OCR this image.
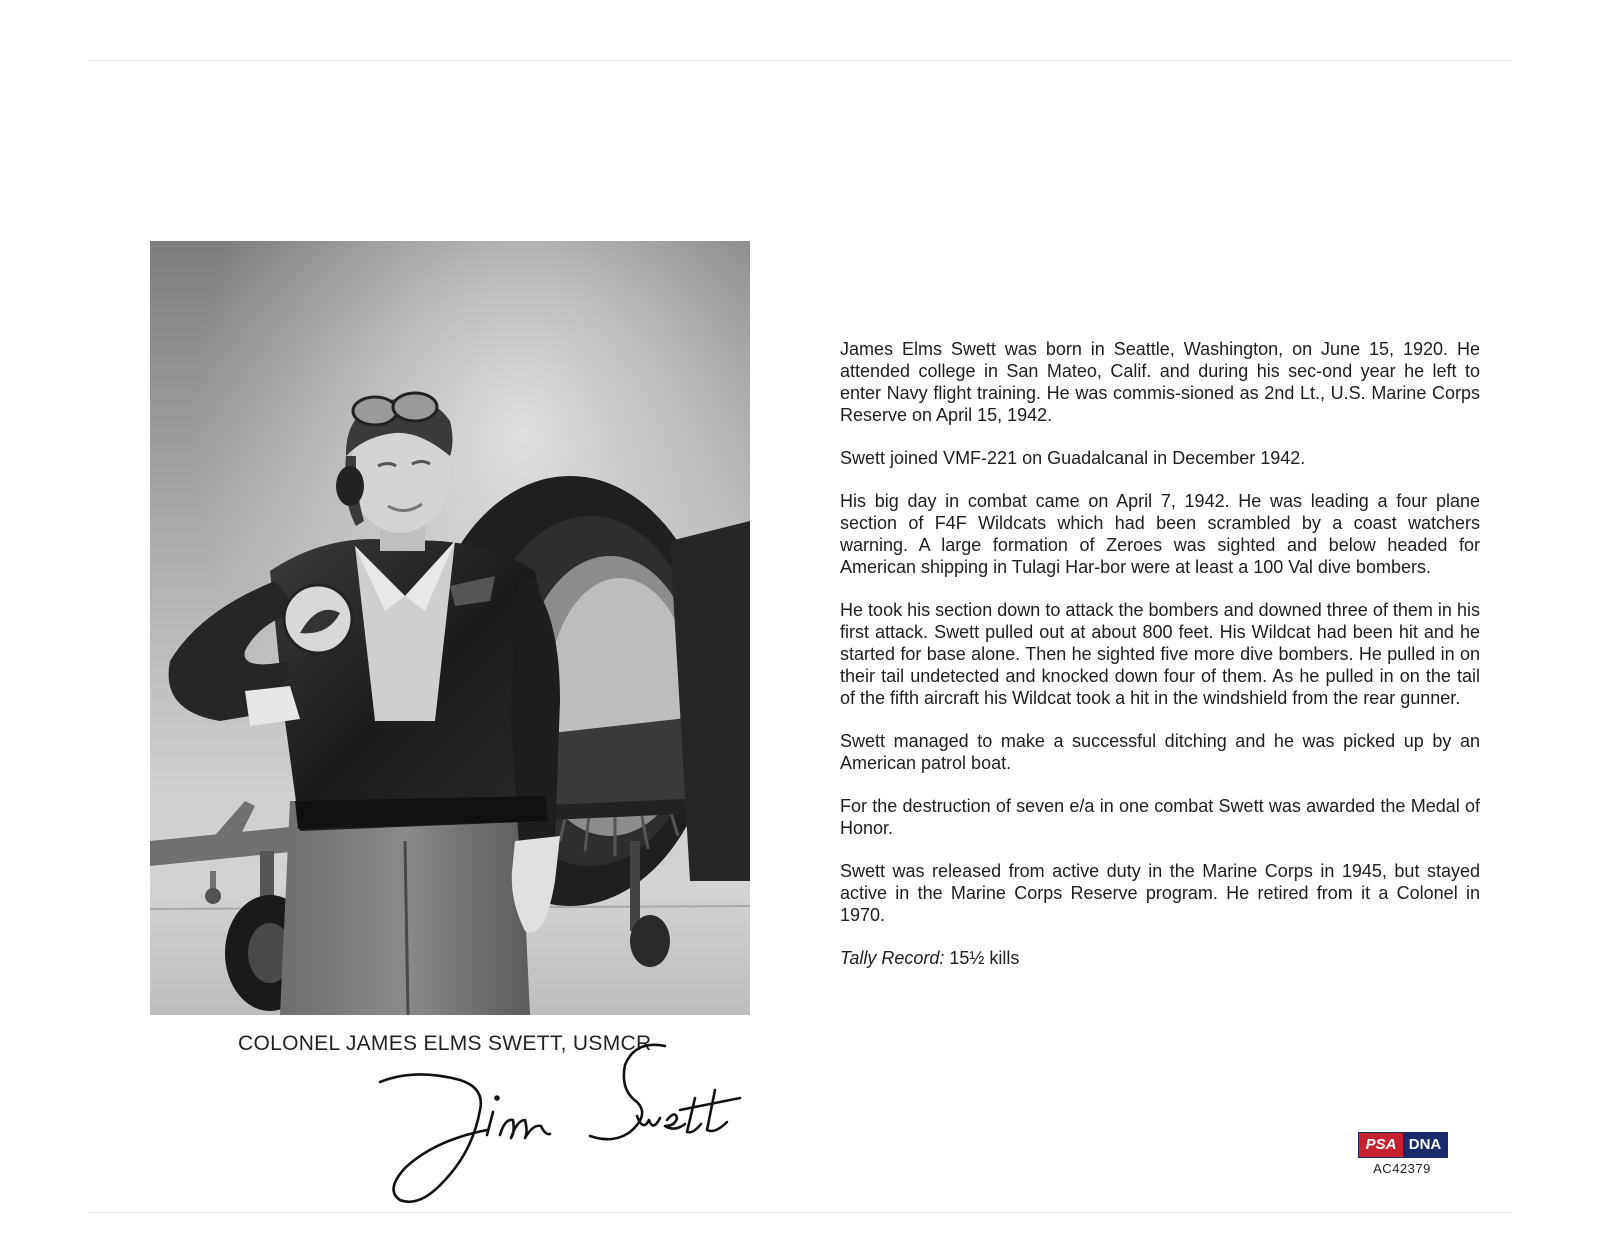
COLONEL JAMES ELMS SWETT, USMCR

James Elms Swett was born in Seattle, Washington, on June 15, 1920. He attended college in San Mateo, Calif. and during his sec-ond year he left to enter Navy flight training. He was commis-sioned as 2nd Lt., U.S. Marine Corps Reserve on April 15, 1942.

Swett joined VMF-221 on Guadalcanal in December 1942.

His big day in combat came on April 7, 1942. He was leading a four plane section of F4F Wildcats which had been scrambled by a coast watchers warning. A large formation of Zeroes was sighted and below headed for American shipping in Tulagi Har-bor were at least a 100 Val dive bombers.

He took his section down to attack the bombers and downed three of them in his first attack. Swett pulled out at about 800 feet. His Wildcat had been hit and he started for base alone. Then he sighted five more dive bombers. He pulled in on their tail undetected and knocked down four of them. As he pulled in on the tail of the fifth aircraft his Wildcat took a hit in the windshield from the rear gunner.

Swett managed to make a successful ditching and he was picked up by an American patrol boat.

For the destruction of seven e/a in one combat Swett was awarded the Medal of Honor.

Swett was released from active duty in the Marine Corps in 1945, but stayed active in the Marine Corps Reserve program. He retired from it a Colonel in 1970.

Tally Record: 15½ kills
PSA DNA
AC42379
